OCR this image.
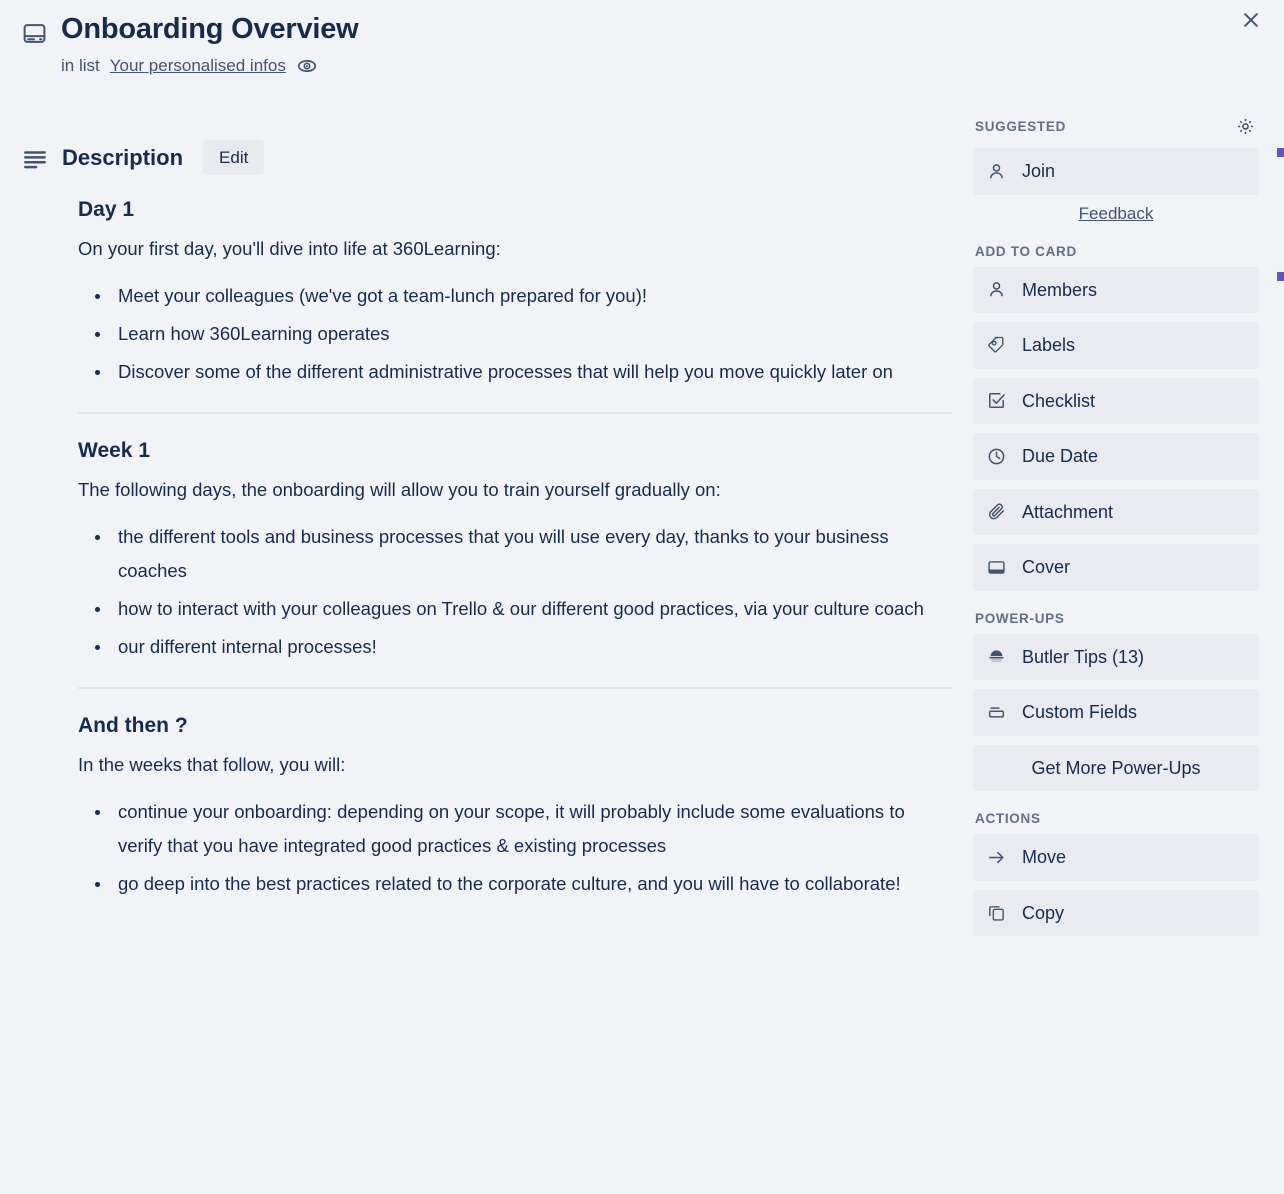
Onboarding Overview
in list Your personalised infos
Description	Edit
Day 1

On your first day, you'll dive into life at 360Learning:

Meet your colleagues (we've got a team-lunch prepared for you)!
Learn how 360Learning operates
Discover some of the different administrative processes that will help you move quickly later on
Week 1

The following days, the onboarding will allow you to train yourself gradually on:

the different tools and business processes that you will use every day, thanks to your business coaches
how to interact with your colleagues on Trello & our different good practices, via your culture coach
our different internal processes!
And then ?

In the weeks that follow, you will:

continue your onboarding: depending on your scope, it will probably include some evaluations to verify that you have integrated good practices & existing processes
go deep into the best practices related to the corporate culture, and you will have to collaborate!
SUGGESTED
Join
Feedback
ADD TO CARD
Members
Labels
Checklist
Due Date
Attachment
Cover
POWER-UPS
Butler Tips (13)
Custom Fields
Get More Power-Ups
ACTIONS
Move
Copy
